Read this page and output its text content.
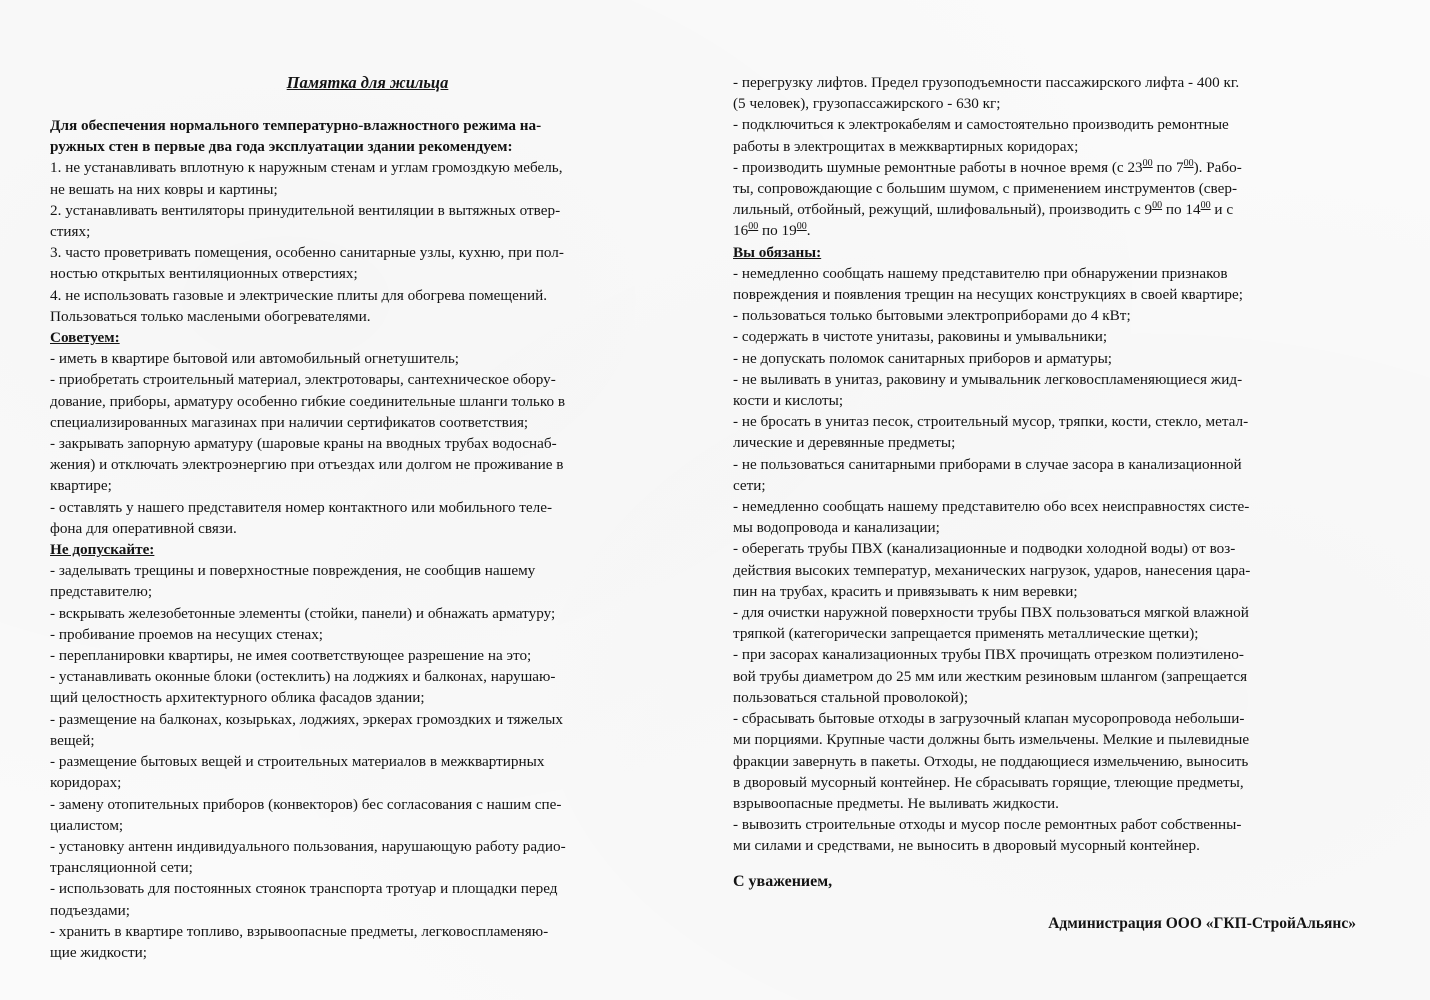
Памятка для жильца
Для обеспечения нормального температурно-влажностного режима на-
ружных стен в первые два года эксплуатации здании рекомендуем:
1. не устанавливать вплотную к наружным стенам и углам громоздкую мебель,
не вешать на них ковры и картины;
2. устанавливать вентиляторы принудительной вентиляции в вытяжных отвер-
стиях;
3. часто проветривать помещения, особенно санитарные узлы, кухню, при пол-
ностью открытых вентиляционных отверстиях;
4. не использовать газовые и электрические плиты для обогрева помещений.
Пользоваться только маслеными обогревателями.
Советуем:
- иметь в квартире бытовой или автомобильный огнетушитель;
- приобретать строительный материал, электротовары, сантехническое обору-
дование, приборы, арматуру особенно гибкие соединительные шланги только в
специализированных магазинах при наличии сертификатов соответствия;
- закрывать запорную арматуру (шаровые краны на вводных трубах водоснаб-
жения) и отключать электроэнергию при отъездах или долгом не проживание в
квартире;
- оставлять у нашего представителя номер контактного или мобильного теле-
фона для оперативной связи.
Не допускайте:
- заделывать трещины и поверхностные повреждения, не сообщив нашему
представителю;
- вскрывать железобетонные элементы (стойки, панели) и обнажать арматуру;
- пробивание проемов на несущих стенах;
- перепланировки квартиры, не имея соответствующее разрешение на это;
- устанавливать оконные блоки (остеклить) на лоджиях и балконах, нарушаю-
щий целостность архитектурного облика фасадов здании;
- размещение на балконах, козырьках, лоджиях, эркерах громоздких и тяжелых
вещей;
- размещение бытовых вещей и строительных материалов в межквартирных
коридорах;
- замену отопительных приборов (конвекторов) бес согласования с нашим спе-
циалистом;
- установку антенн индивидуального пользования, нарушающую работу радио-
трансляционной сети;
- использовать для постоянных стоянок транспорта тротуар и площадки перед
подъездами;
- хранить в квартире топливо, взрывоопасные предметы, легковоспламеняю-
щие жидкости;
- перегрузку лифтов. Предел грузоподъемности пассажирского лифта - 400 кг.
(5 человек), грузопассажирского - 630 кг;
- подключиться к электрокабелям и самостоятельно производить ремонтные
работы в электрощитах в межквартирных коридорах;
- производить шумные ремонтные работы в ночное время (с $23^{00}$ по $7^{00}$). Рабо-
ты, сопровождающие с большим шумом, с применением инструментов (свер-
лильный, отбойный, режущий, шлифовальный), производить с $9^{00}$ по $14^{00}$ и с
$16^{00}$ по $19^{00}$.
Вы обязаны:
- немедленно сообщать нашему представителю при обнаружении признаков
повреждения и появления трещин на несущих конструкциях в своей квартире;
- пользоваться только бытовыми электроприборами до 4 кВт;
- содержать в чистоте унитазы, раковины и умывальники;
- не допускать поломок санитарных приборов и арматуры;
- не выливать в унитаз, раковину и умывальник легковоспламеняющиеся жид-
кости и кислоты;
- не бросать в унитаз песок, строительный мусор, тряпки, кости, стекло, метал-
лические и деревянные предметы;
- не пользоваться санитарными приборами в случае засора в канализационной
сети;
- немедленно сообщать нашему представителю обо всех неисправностях систе-
мы водопровода и канализации;
- оберегать трубы ПВХ (канализационные и подводки холодной воды) от воз-
действия высоких температур, механических нагрузок, ударов, нанесения цара-
пин на трубах, красить и привязывать к ним веревки;
- для очистки наружной поверхности трубы ПВХ пользоваться мягкой влажной
тряпкой (категорически запрещается применять металлические щетки);
- при засорах канализационных трубы ПВХ прочищать отрезком полиэтилено-
вой трубы диаметром до 25 мм или жестким резиновым шлангом (запрещается
пользоваться стальной проволокой);
- сбрасывать бытовые отходы в загрузочный клапан мусоропровода небольши-
ми порциями. Крупные части должны быть измельчены. Мелкие и пылевидные
фракции завернуть в пакеты. Отходы, не поддающиеся измельчению, выносить
в дворовый мусорный контейнер. Не сбрасывать горящие, тлеющие предметы,
взрывоопасные предметы. Не выливать жидкости.
- вывозить строительные отходы и мусор после ремонтных работ собственны-
ми силами и средствами, не выносить в дворовый мусорный контейнер.
С уважением,
Администрация ООО «ГКП-СтройАльянс»
